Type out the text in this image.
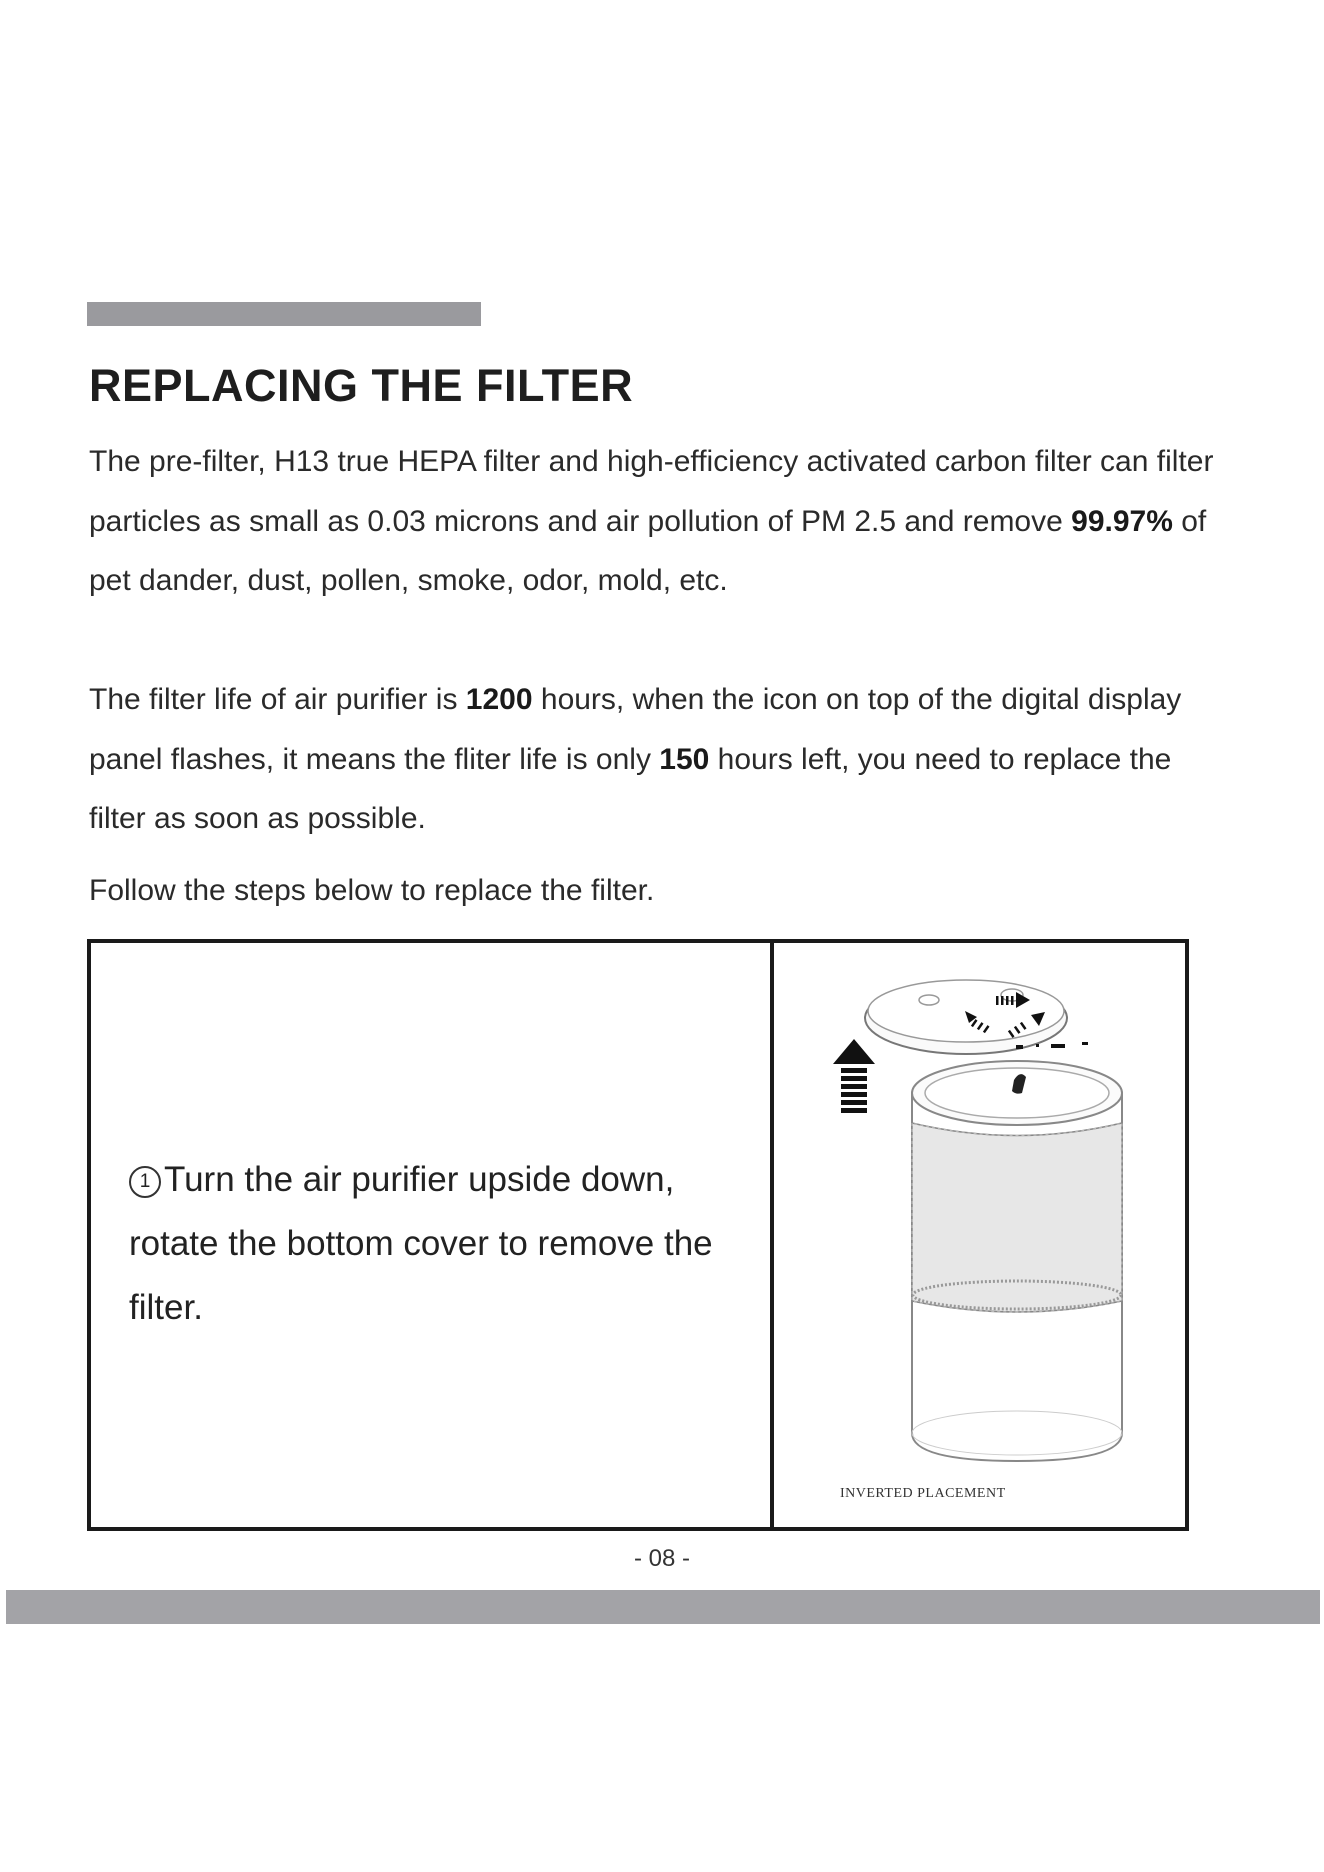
REPLACING THE FILTER

The pre-filter, H13 true HEPA filter and high-efficiency activated carbon filter can filter particles as small as 0.03 microns and air pollution of PM 2.5 and remove 99.97% of pet dander, dust, pollen, smoke, odor, mold, etc.

The filter life of air purifier is 1200 hours, when the icon on top of the digital display panel flashes, it means the fliter life is only 150 hours left, you need to replace the filter as soon as possible.

Follow the steps below to replace the filter.

1 Turn the air purifier upside down, rotate the bottom cover to remove the filter.

INVERTED PLACEMENT
- 08 -
